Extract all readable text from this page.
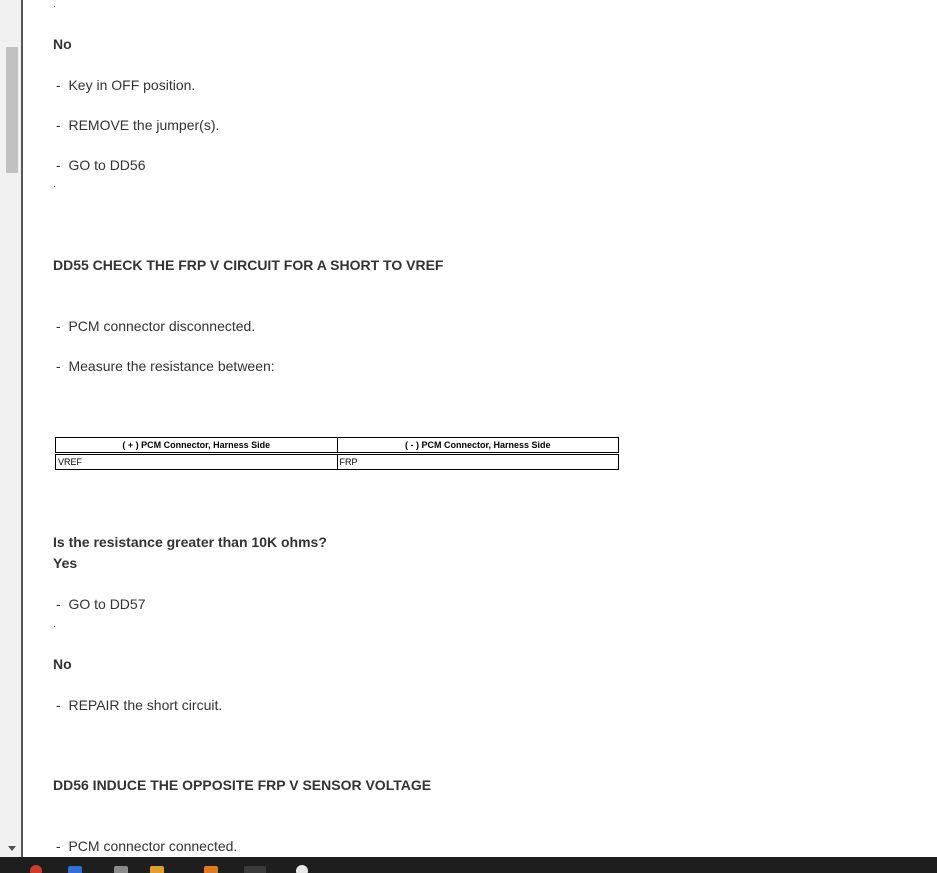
·
No
- Key in OFF position.
- REMOVE the jumper(s).
- GO to DD56
·
DD55 CHECK THE FRP V CIRCUIT FOR A SHORT TO VREF
- PCM connector disconnected.
- Measure the resistance between:
( + ) PCM Connector, Harness Side	( - ) PCM Connector, Harness Side
VREF	FRP
Is the resistance greater than 10K ohms?
Yes
- GO to DD57
·
No
- REPAIR the short circuit.
DD56 INDUCE THE OPPOSITE FRP V SENSOR VOLTAGE
- PCM connector connected.
